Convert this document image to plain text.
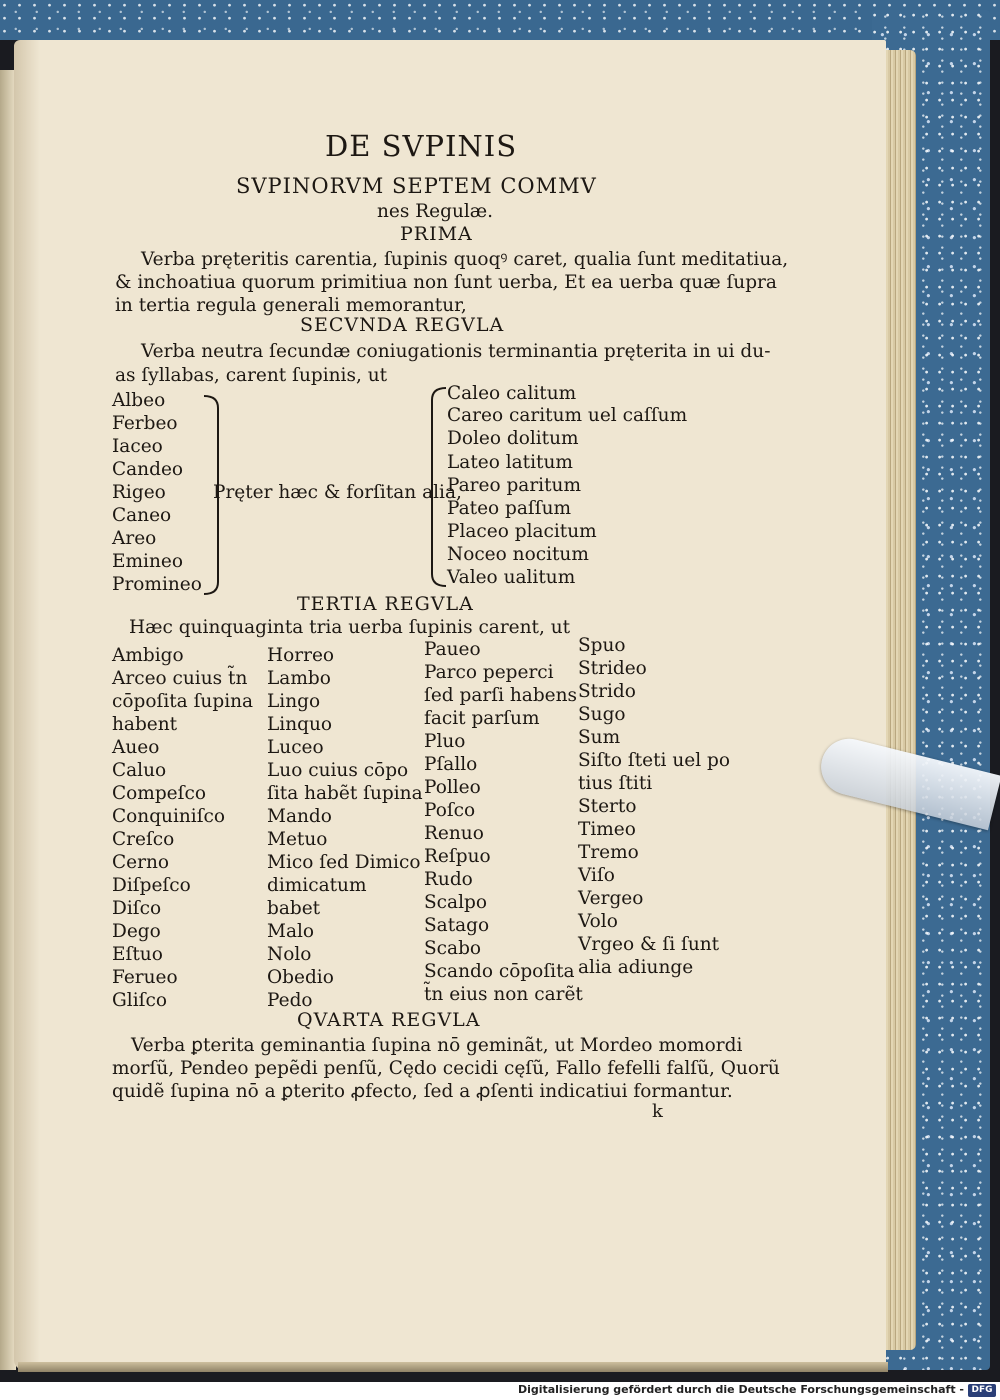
DE SVPINIS
SVPINORVM SEPTEM COMMV
nes Regulæ.
PRIMA
Verba pręteritis carentia, ſupinis quoqꝰ caret, qualia ſunt meditatiua,
& inchoatiua quorum primitiua non ſunt uerba, Et ea uerba quæ ſupra
in tertia regula generali memorantur,
SECVNDA REGVLA
Verba neutra ſecundæ coniugationis terminantia pręterita in ui du‐
as ſyllabas, carent ſupinis, ut
Albeo
Ferbeo
Iaceo
Candeo
Rigeo
Caneo
Areo
Emineo
Promineo
Pręter hæc & forſitan alia,
Caleo calitum
Careo caritum uel caſſum
Doleo dolitum
Lateo latitum
Pareo paritum
Pateo paſſum
Placeo placitum
Noceo nocitum
Valeo ualitum
TERTIA REGVLA
Hæc quinquaginta tria uerba ſupinis carent, ut
Ambigo
Arceo cuius t̃n
cōpoſita ſupina
habent
Aueo
Caluo
Compeſco
Conquiniſco
Creſco
Cerno
Diſpeſco
Diſco
Dego
Eſtuo
Ferueo
Gliſco
Horreo
Lambo
Lingo
Linquo
Luceo
Luo cuius cōpo
ſita habẽt ſupina
Mando
Metuo
Mico ſed Dimico
dimicatum
babet
Malo
Nolo
Obedio
Pedo
Paueo
Parco peperci
ſed parſi habens
facit parſum
Pluo
Pſallo
Polleo
Poſco
Renuo
Reſpuo
Rudo
Scalpo
Satago
Scabo
Scando cōpoſita
t̃n eius non carẽt
Spuo
Strideo
Strido
Sugo
Sum
Siſto ſteti uel po
tius ſtiti
Sterto
Timeo
Tremo
Viſo
Vergeo
Volo
Vrgeo & ſi ſunt
alia adiunge
QVARTA REGVLA
Verba ꝑterita geminantia ſupina nō geminãt, ut Mordeo momordi
morſũ, Pendeo pepẽdi penſũ, Cędo cecidi cęſũ, Fallo fefelli falſũ, Quorũ
quidẽ ſupina nō a ꝑterito ꝓfecto, ſed a ꝓſenti indicatiui formantur.
k
Digitalisierung gefördert durch die Deutsche Forschungsgemeinschaft - DFG
